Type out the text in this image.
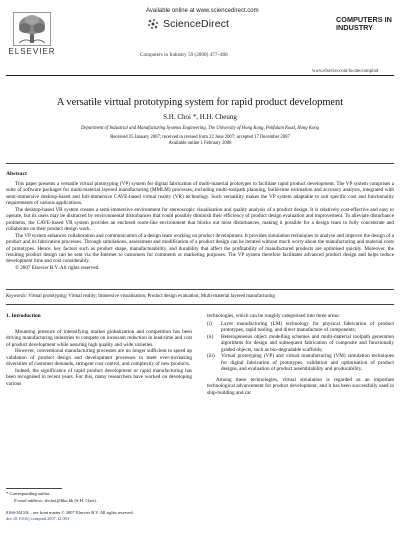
ELSEVIER
Available online at www.sciencedirect.com
ScienceDirect
Computers in Industry 59 (2008) 477–488
COMPUTERS IN
INDUSTRY
www.elsevier.com/locate/compind
A versatile virtual prototyping system for rapid product development
S.H. Choi *, H.H. Cheung
Department of Industrial and Manufacturing Systems Engineering, The University of Hong Kong, Pokfulam Road, Hong Kong
Received 25 January 2007; received in revised form 22 June 2007; accepted 17 December 2007
Available online 1 February 2008
Abstract

This paper presents a versatile virtual prototyping (VP) system for digital fabrication of multi-material prototypes to facilitate rapid product development. The VP system comprises a suite of software packages for multi-material layered manufacturing (MMLM) processes, including multi-toolpath planning, build-time estimation and accuracy analysis, integrated with semi-immersive desktop-based and full-immersive CAVE-based virtual reality (VR) technology. Such versatility makes the VP system adaptable to suit specific cost and functionality requirements of various applications.

The desktop-based VR system creates a semi-immersive environment for stereoscopic visualisation and quality analysis of a product design. It is relatively cost-effective and easy to operate, but its users may be distracted by environmental disturbances that could possibly diminish their efficiency of product design evaluation and improvement. To alleviate disturbance problems, the CAVE-based VR system provides an enclosed room-like environment that blocks out most disturbances, making it possible for a design team to fully concentrate and collaborate on their product design work.

The VP system enhances collaboration and communication of a design team working on product development. It provides simulation techniques to analyse and improve the design of a product and its fabrication processes. Through simulations, assessment and modification of a product design can be iterated without much worry about the manufacturing and material costs of prototypes. Hence, key factors such as product shape, manufacturability, and durability that affect the profitability of manufactured products are optimised quickly. Moreover, the resulting product design can be sent via the Internet to customers for comments or marketing purposes. The VP system therefore facilitates advanced product design and helps reduce development time and cost considerably.

© 2007 Elsevier B.V. All rights reserved.

Keywords: Virtual prototyping; Virtual reality; Immersive visualisation; Product design evaluation; Multi-material layered manufacturing
1. Introduction

Mounting pressure of intensifying market globalization and competition has been driving manufacturing industries to compete on incessant reduction in lead-time and cost of product development while assuring high quality and wide varieties.

However, conventional manufacturing processes are no longer sufficient to speed up validation of product design and development processes to meet ever-increasing diversities of customer demands, stringent cost control, and complexity of new products.

Indeed, the significance of rapid product development or rapid manufacturing has been recognised in recent years. For this, many researchers have worked on developing various

technologies, which can be roughly categorised into three areas:

(i)	Layer manufacturing (LM) technology for physical fabrication of product prototypes, rapid tooling, and direct manufacture of components;
(ii)	Heterogeneous object modelling schemes and multi-material toolpath generation algorithms for design and subsequent fabrication of composite and functionally graded objects, such as bio-degradable scaffolds;
(iii)	Virtual prototyping (VP) and virtual manufacturing (VM) simulation techniques for digital fabrication of prototypes, validation and optimisation of product designs, and evaluation of product assemblability and producability.

Among these technologies, virtual simulation is regarded as an important technological advancement for product development, and it has been successfully used in ship-building and car

* Corresponding author.
E-mail address: shchoi@hku.hk (S.H. Choi).
0166-3615/$ – see front matter © 2007 Elsevier B.V. All rights reserved.
doi:10.1016/j.compind.2007.12.003
